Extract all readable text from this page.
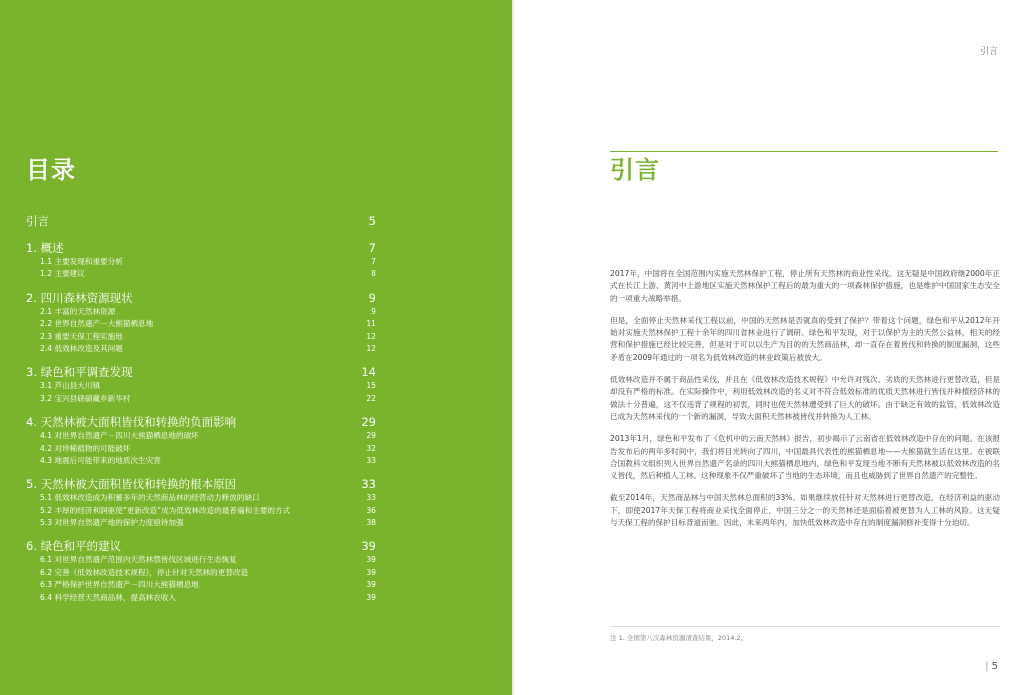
目录
引言	5
1. 概述	7
1.1 主要发现和重要分析	7
1.2 主要建议	8
2. 四川森林资源现状	9
2.1 丰富的天然林资源	9
2.2 世界自然遗产－大熊猫栖息地	11
2.3 重要天保工程实施地	12
2.4 低效林改造及其问题	12
3. 绿色和平调查发现	14
3.1 芦山县大川镇	15
3.2 宝兴县硗碛藏乡新华村	22
4. 天然林被大面积皆伐和转换的负面影响	29
4.1 对世界自然遗产－四川大熊猫栖息地的破坏	29
4.2 对珍稀植物的可能破坏	32
4.3 地震后可能带来的地质次生灾害	33
5. 天然林被大面积皆伐和转换的根本原因	33
5.1 低效林改造成为积蓄多年的天然商品林的经营动力释放的缺口	33
5.2 丰厚的经济利润驱使“更新改造”成为低效林改造的最普遍和主要的方式	36
5.3 对世界自然遗产地的保护力度亟待加强	38
6. 绿色和平的建议	39
6.1 对世界自然遗产范围内天然林禁皆伐区域进行生态恢复	39
6.2 完善《低效林改造技术规程》，停止针对天然林的更替改造	39
6.3 严格保护世界自然遗产－四川大熊猫栖息地	39
6.4 科学经营天然商品林，提高林农收入	39
引言
引言

2017年，中国将在全国范围内实施天然林保护工程，停止所有天然林的商业性采伐。这无疑是中国政府继2000年正式在长江上游、黄河中上游地区实施天然林保护工程后的最为重大的一项森林保护措施，也是维护中国国家生态安全的一项重大战略举措。

但是，全面停止天然林采伐工程以前，中国的天然林是否就真的受到了保护？带着这个问题，绿色和平从2012年开始对实施天然林保护工程十余年的四川省林业进行了调研。绿色和平发现，对于以保护为主的天然公益林，相关的经营和保护措施已经比较完善，但是对于可以以生产为目的的天然商品林，却一直存在着皆伐和转换的制度漏洞，这些矛盾在2009年通过的一项名为低效林改造的林业政策后被放大。

低效林改造并不属于商品性采伐，并且在《低效林改造技术规程》中允许对残次、劣质的天然林进行更替改造，但是却没有严格的标准。在实际操作中，利用低效林改造的名义对不符合低效标准的优质天然林进行皆伐并种植经济林的做法十分普遍，这不仅违背了规程的初衷，同时也使天然林遭受到了巨大的破坏。由于缺乏有效的监管，低效林改造已成为天然林采伐的一个新的漏洞，导致大面积天然林被皆伐并转换为人工林。

2013年1月，绿色和平发布了《危机中的云南天然林》报告，初步揭示了云南省在低效林改造中存在的问题。在该报告发布后的两年多时间中，我们将目光转向了四川，中国最具代表性的熊猫栖息地——大熊猫就生活在这里。在被联合国教科文组织列入世界自然遗产名录的四川大熊猫栖息地内，绿色和平发现当地不断有天然林被以低效林改造的名义皆伐，然后种植人工林。这种现象不仅严重破坏了当地的生态环境，而且也威胁到了世界自然遗产的完整性。

截至2014年，天然商品林与中国天然林总面积的33%。如果继续放任针对天然林进行更替改造，在经济利益的驱动下，即使2017年天保工程将商业采伐全面停止，中国三分之一的天然林还是面临着被更替为人工林的风险。这无疑与天保工程的保护目标背道而驰。因此，未来两年内，加快低效林改造中存在的制度漏洞修补变得十分迫切。

注 1. 全国第八次森林资源清查结果，2014.2。
| 5
